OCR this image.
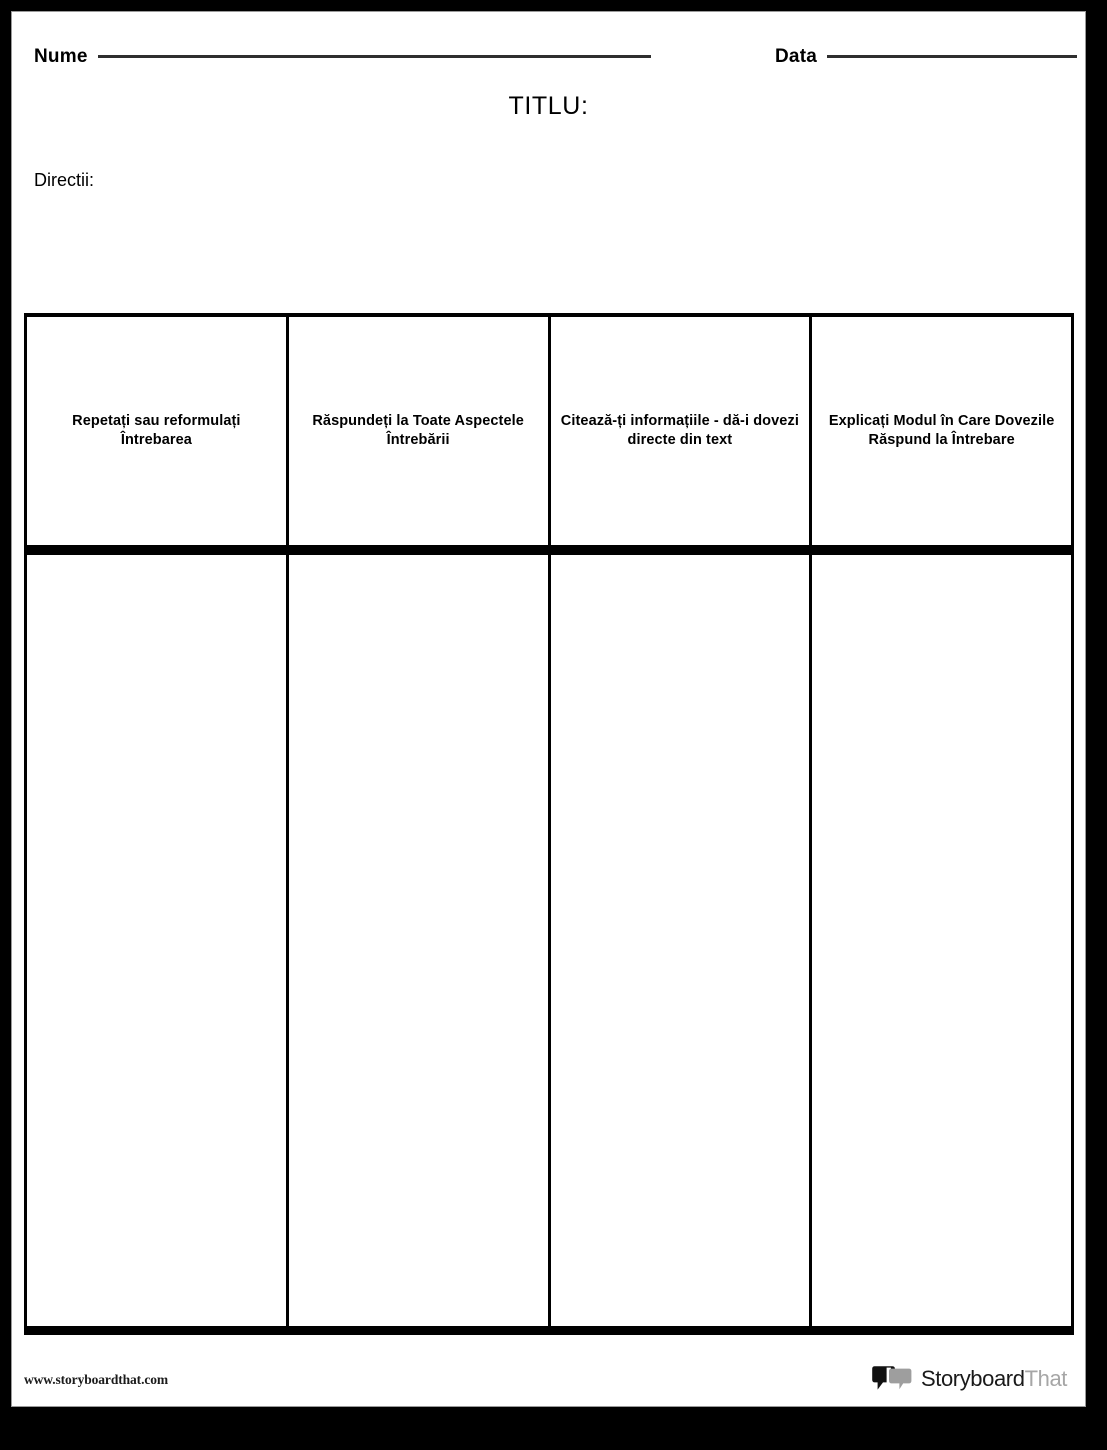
Nume	Data
TITLU:
Directii:
Repetați sau reformulați Întrebarea	Răspundeți la Toate Aspectele Întrebării	Citează-ți informațiile - dă-i dovezi directe din text	Explicați Modul în Care Dovezile Răspund la Întrebare

www.storyboardthat.com	StoryboardThat
